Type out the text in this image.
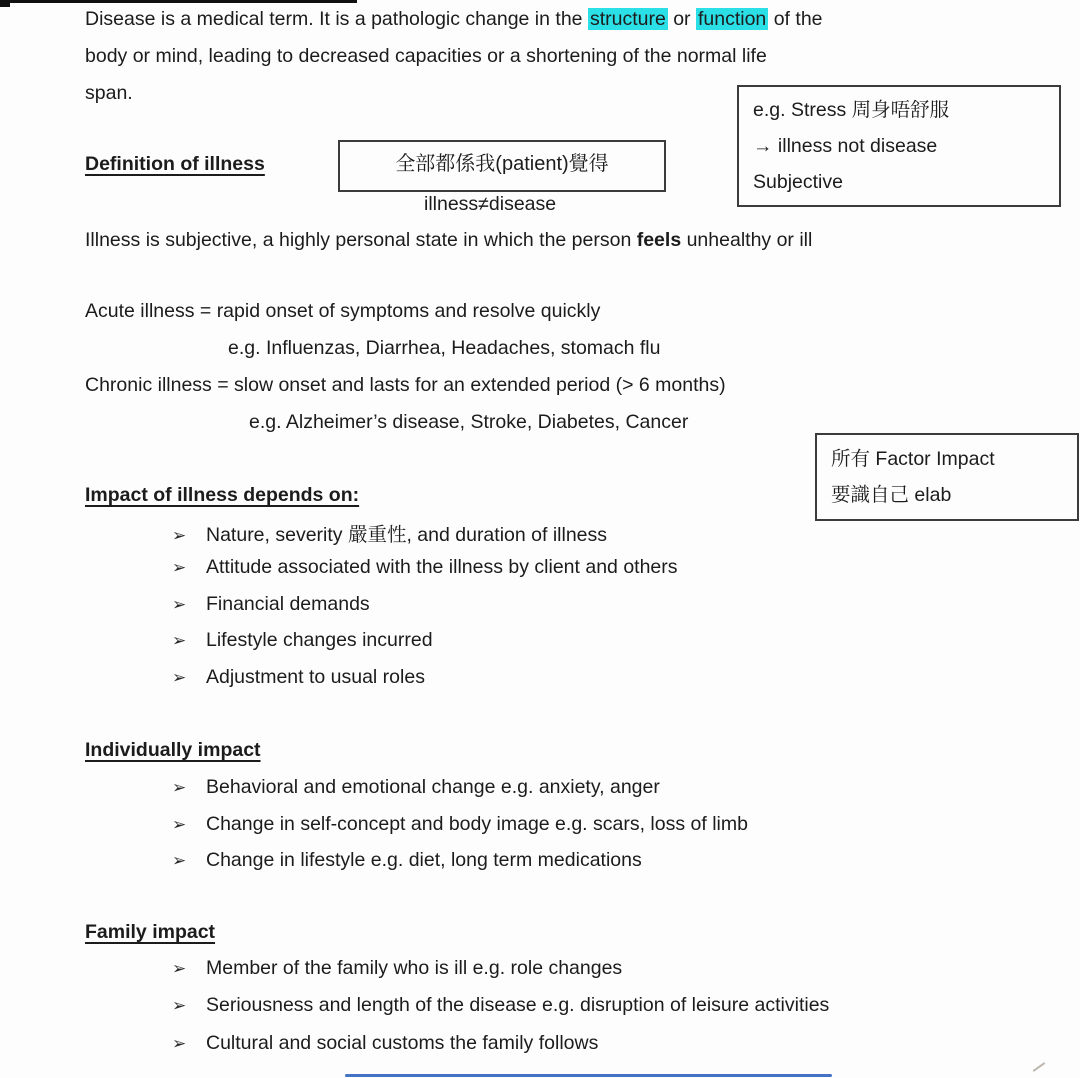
Disease is a medical term. It is a pathologic change in the structure or function of the
body or mind, leading to decreased capacities or a shortening of the normal life
span.
e.g. Stress 周身唔舒服
→ illness not disease
Subjective
Definition of illness	全部都係我(patient)覺得
illness≠disease
Illness is subjective, a highly personal state in which the person feels unhealthy or ill
Acute illness = rapid onset of symptoms and resolve quickly
e.g. Influenzas, Diarrhea, Headaches, stomach flu
Chronic illness = slow onset and lasts for an extended period (> 6 months)
e.g. Alzheimer’s disease, Stroke, Diabetes, Cancer
所有 Factor Impact
要識自己 elab
Impact of illness depends on:
➢	Nature, severity 嚴重性, and duration of illness
➢	Attitude associated with the illness by client and others
➢	Financial demands
➢	Lifestyle changes incurred
➢	Adjustment to usual roles
Individually impact
➢	Behavioral and emotional change e.g. anxiety, anger
➢	Change in self-concept and body image e.g. scars, loss of limb
➢	Change in lifestyle e.g. diet, long term medications
Family impact
➢	Member of the family who is ill e.g. role changes
➢	Seriousness and length of the disease e.g. disruption of leisure activities
➢	Cultural and social customs the family follows
